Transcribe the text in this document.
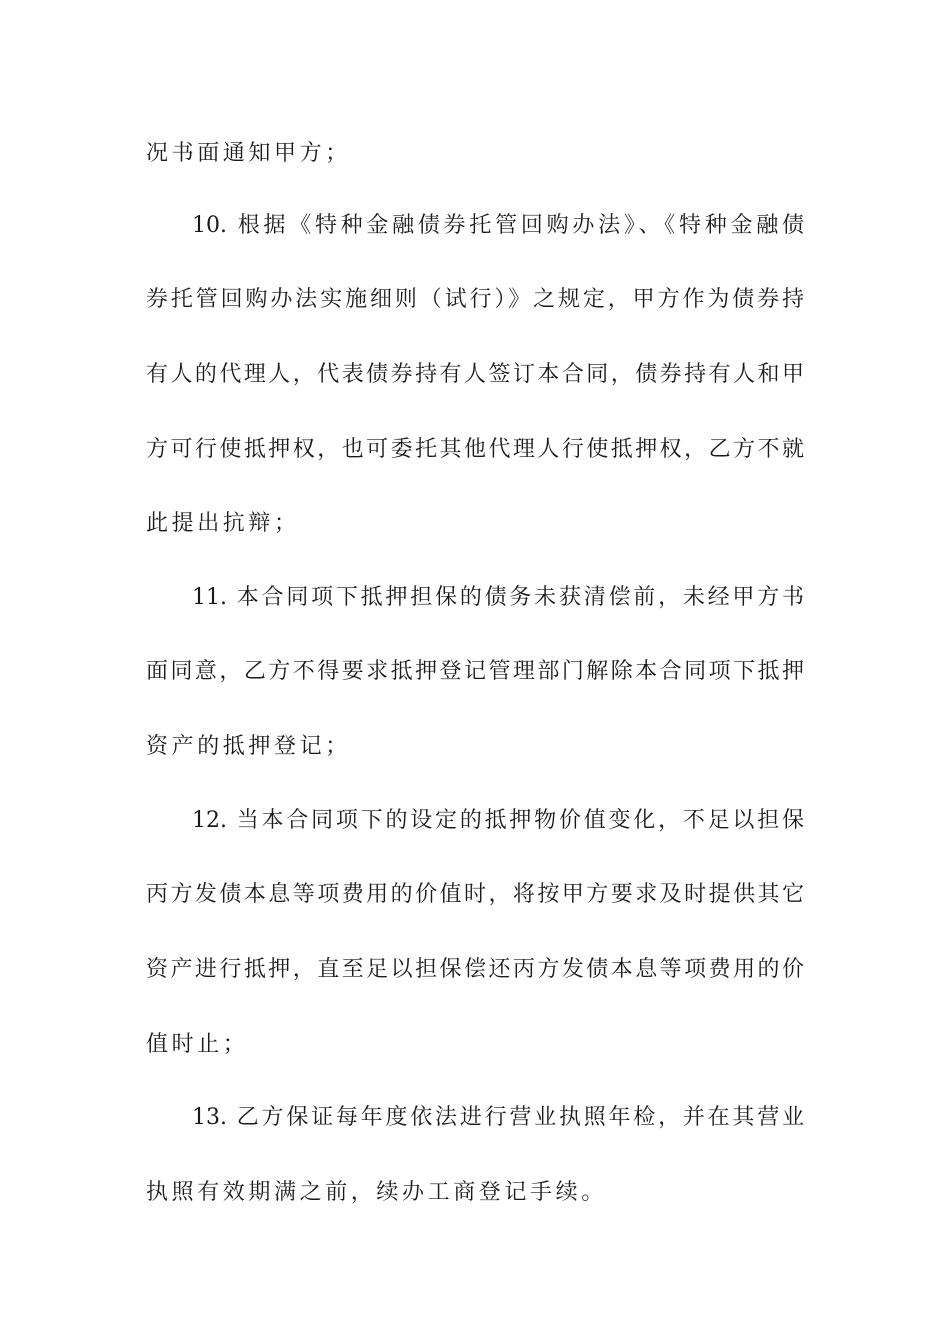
况书面通知甲方；
10. 根据《特种金融债券托管回购办法》、《特种金融债
券托管回购办法实施细则（试行）》之规定，甲方作为债券持
有人的代理人，代表债券持有人签订本合同，债券持有人和甲
方可行使抵押权，也可委托其他代理人行使抵押权，乙方不就
此提出抗辩；
11. 本合同项下抵押担保的债务未获清偿前，未经甲方书
面同意，乙方不得要求抵押登记管理部门解除本合同项下抵押
资产的抵押登记；
12. 当本合同项下的设定的抵押物价值变化，不足以担保
丙方发债本息等项费用的价值时，将按甲方要求及时提供其它
资产进行抵押，直至足以担保偿还丙方发债本息等项费用的价
值时止；
13. 乙方保证每年度依法进行营业执照年检，并在其营业
执照有效期满之前，续办工商登记手续。
